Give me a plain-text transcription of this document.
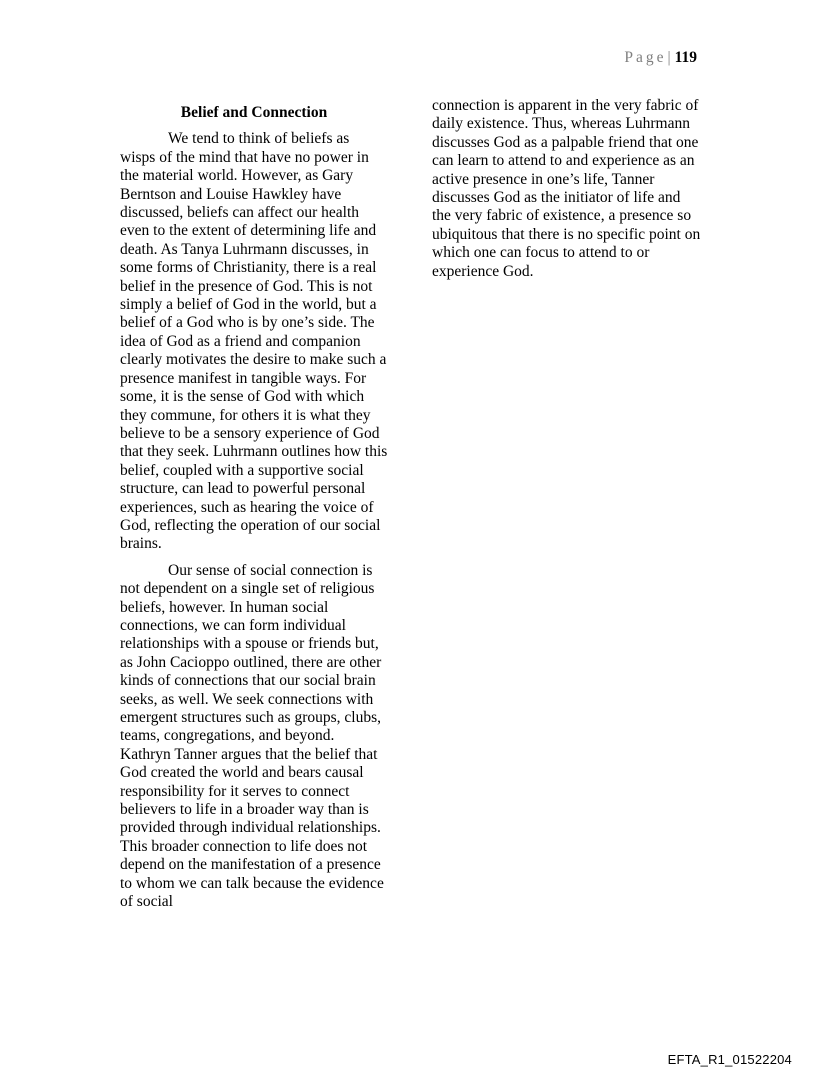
Page| 119
Belief and Connection

We tend to think of beliefs as wisps of the mind that have no power in the material world. However, as Gary Berntson and Louise Hawkley have discussed, beliefs can affect our health even to the extent of determining life and death. As Tanya Luhrmann discusses, in some forms of Christianity, there is a real belief in the presence of God. This is not simply a belief of God in the world, but a belief of a God who is by one’s side. The idea of God as a friend and companion clearly motivates the desire to make such a presence manifest in tangible ways. For some, it is the sense of God with which they commune, for others it is what they believe to be a sensory experience of God that they seek. Luhrmann outlines how this belief, coupled with a supportive social structure, can lead to powerful personal experiences, such as hearing the voice of God, reflecting the operation of our social brains.

Our sense of social connection is not dependent on a single set of religious beliefs, however. In human social connections, we can form individual relationships with a spouse or friends but, as John Cacioppo outlined, there are other kinds of connections that our social brain seeks, as well. We seek connections with emergent structures such as groups, clubs, teams, congregations, and beyond. Kathryn Tanner argues that the belief that God created the world and bears causal responsibility for it serves to connect believers to life in a broader way than is provided through individual relationships. This broader connection to life does not depend on the manifestation of a presence to whom we can talk because the evidence of social

connection is apparent in the very fabric of daily existence. Thus, whereas Luhrmann discusses God as a palpable friend that one can learn to attend to and experience as an active presence in one’s life, Tanner discusses God as the initiator of life and the very fabric of existence, a presence so ubiquitous that there is no specific point on which one can focus to attend to or experience God.

EFTA_R1_01522204
